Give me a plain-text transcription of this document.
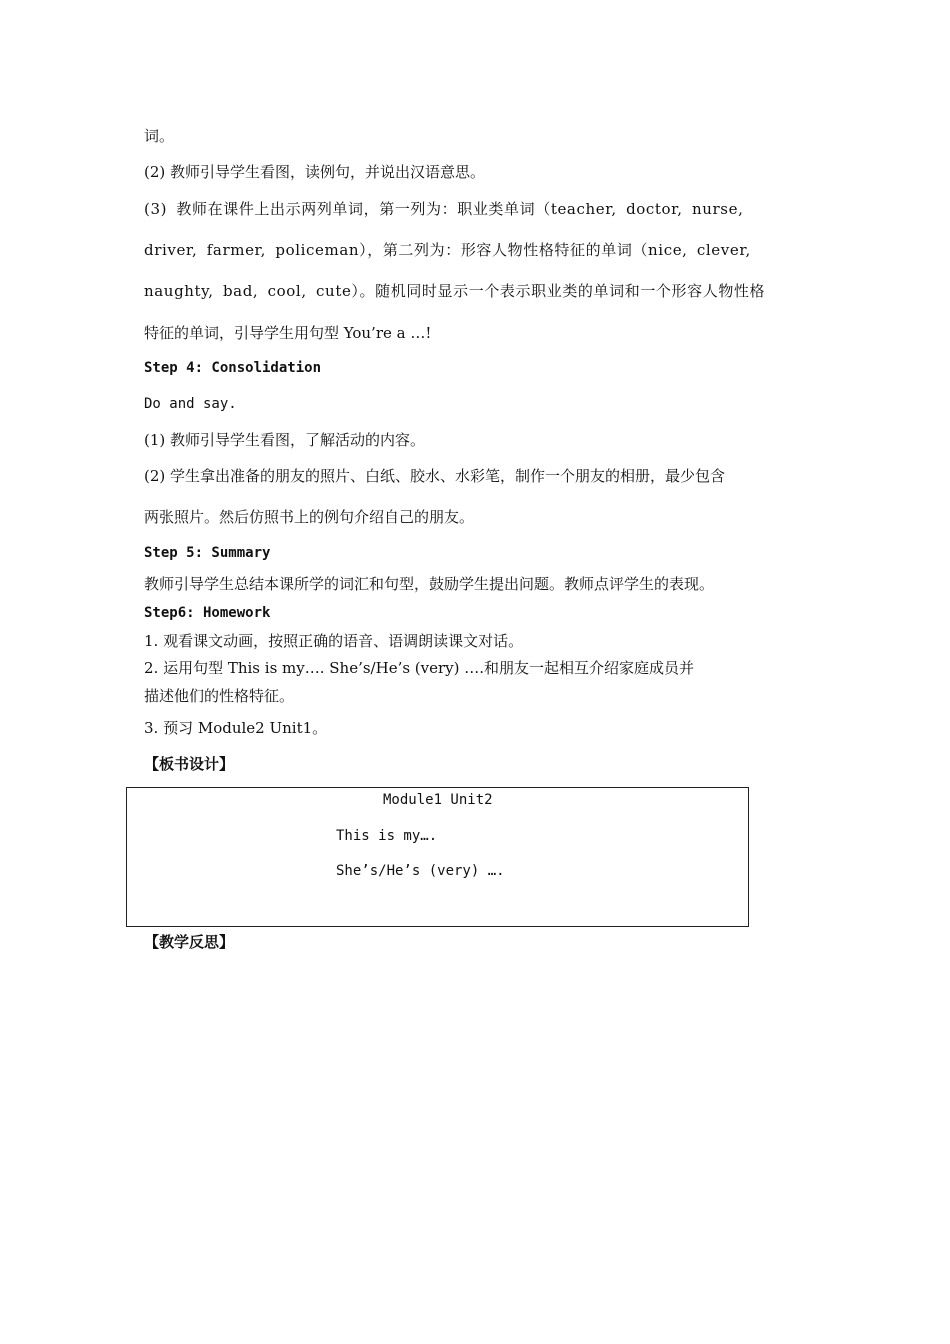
词。
(2) 教师引导学生看图，读例句，并说出汉语意思。
(3) 教师在课件上出示两列单词，第一列为：职业类单词（teacher, doctor, nurse,
driver, farmer, policeman），第二列为：形容人物性格特征的单词（nice, clever,
naughty, bad, cool, cute）。随机同时显示一个表示职业类的单词和一个形容人物性格
特征的单词，引导学生用句型 You’re a …!
Step 4: Consolidation
Do and say.
(1) 教师引导学生看图，了解活动的内容。
(2) 学生拿出准备的朋友的照片、白纸、胶水、水彩笔，制作一个朋友的相册，最少包含
两张照片。然后仿照书上的例句介绍自己的朋友。
Step 5: Summary
教师引导学生总结本课所学的词汇和句型，鼓励学生提出问题。教师点评学生的表现。
Step6: Homework
1. 观看课文动画，按照正确的语音、语调朗读课文对话。
2. 运用句型 This is my…. She’s/He’s (very) ….和朋友一起相互介绍家庭成员并
描述他们的性格特征。
3. 预习 Module2 Unit1。
【板书设计】
Module1 Unit2
This is my….
She’s/He’s (very) ….
【教学反思】
